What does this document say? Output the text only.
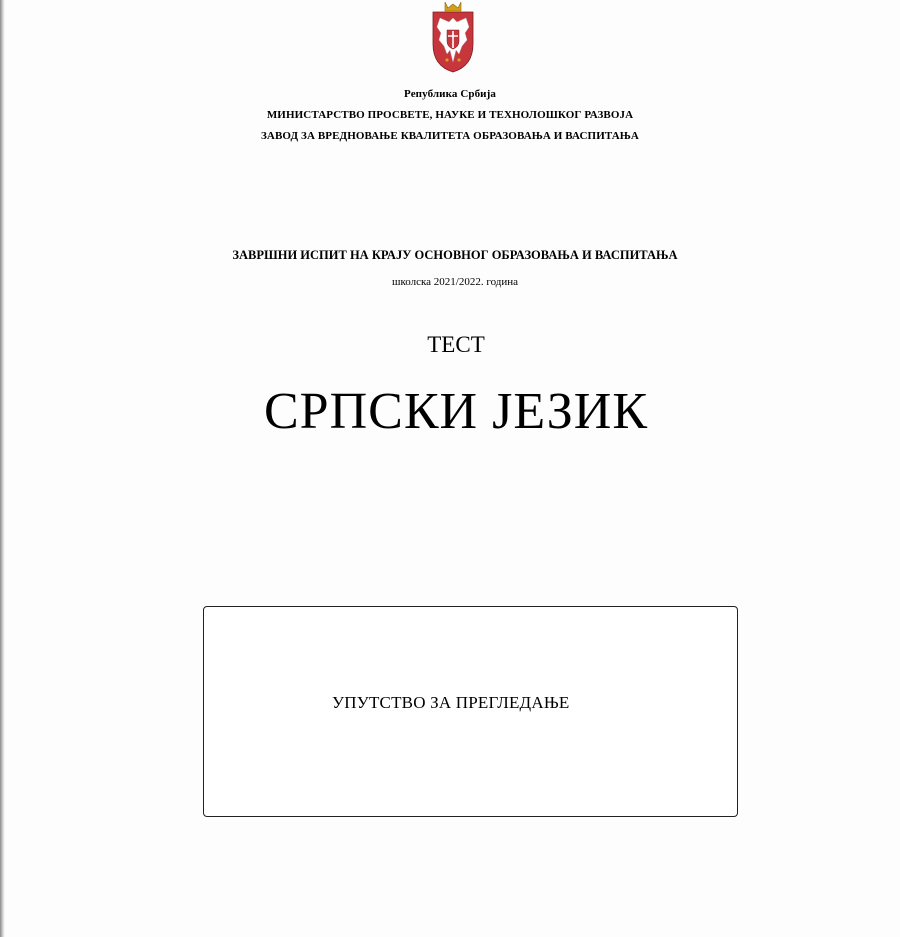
Република Србија
МИНИСТАРСТВО ПРОСВЕТЕ, НАУКЕ И ТЕХНОЛОШКОГ РАЗВОЈА
ЗАВОД ЗА ВРЕДНОВАЊЕ КВАЛИТЕТА ОБРАЗОВАЊА И ВАСПИТАЊА
ЗАВРШНИ ИСПИТ НА КРАЈУ ОСНОВНОГ ОБРАЗОВАЊА И ВАСПИТАЊА
школска 2021/2022. година
ТЕСТ
СРПСКИ ЈЕЗИК
УПУТСТВО ЗА ПРЕГЛЕДАЊЕ
